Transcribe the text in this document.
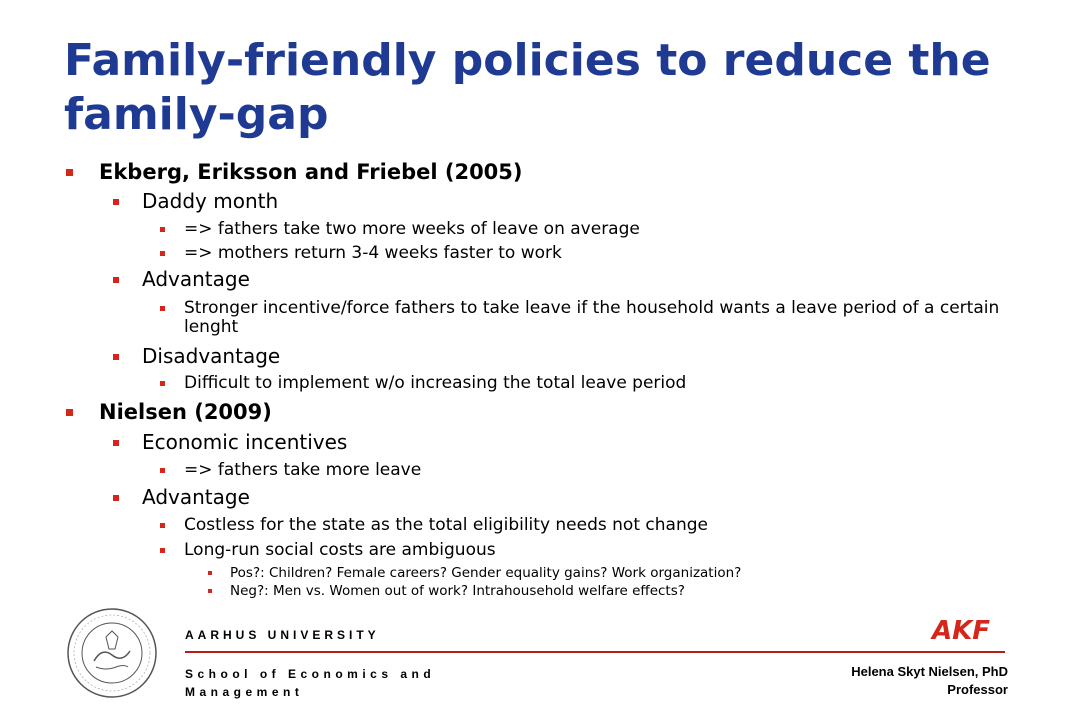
Family-friendly policies to reduce the family-gap
Ekberg, Eriksson and Friebel (2005)
Daddy month
=> fathers take two more weeks of leave on average
=> mothers return 3-4 weeks faster to work
Advantage
Stronger incentive/force fathers to take leave if the household wants a leave period of a certain lenght
Disadvantage
Difficult to implement w/o increasing the total leave period
Nielsen (2009)
Economic incentives
=> fathers take more leave
Advantage
Costless for the state as the total eligibility needs not change
Long-run social costs are ambiguous
Pos?: Children? Female careers? Gender equality gains? Work organization?
Neg?: Men vs. Women out of work? Intrahousehold welfare effects?
AARHUS UNIVERSITY
School of Economics and Management
AKF
Helena Skyt Nielsen, PhD
Professor
